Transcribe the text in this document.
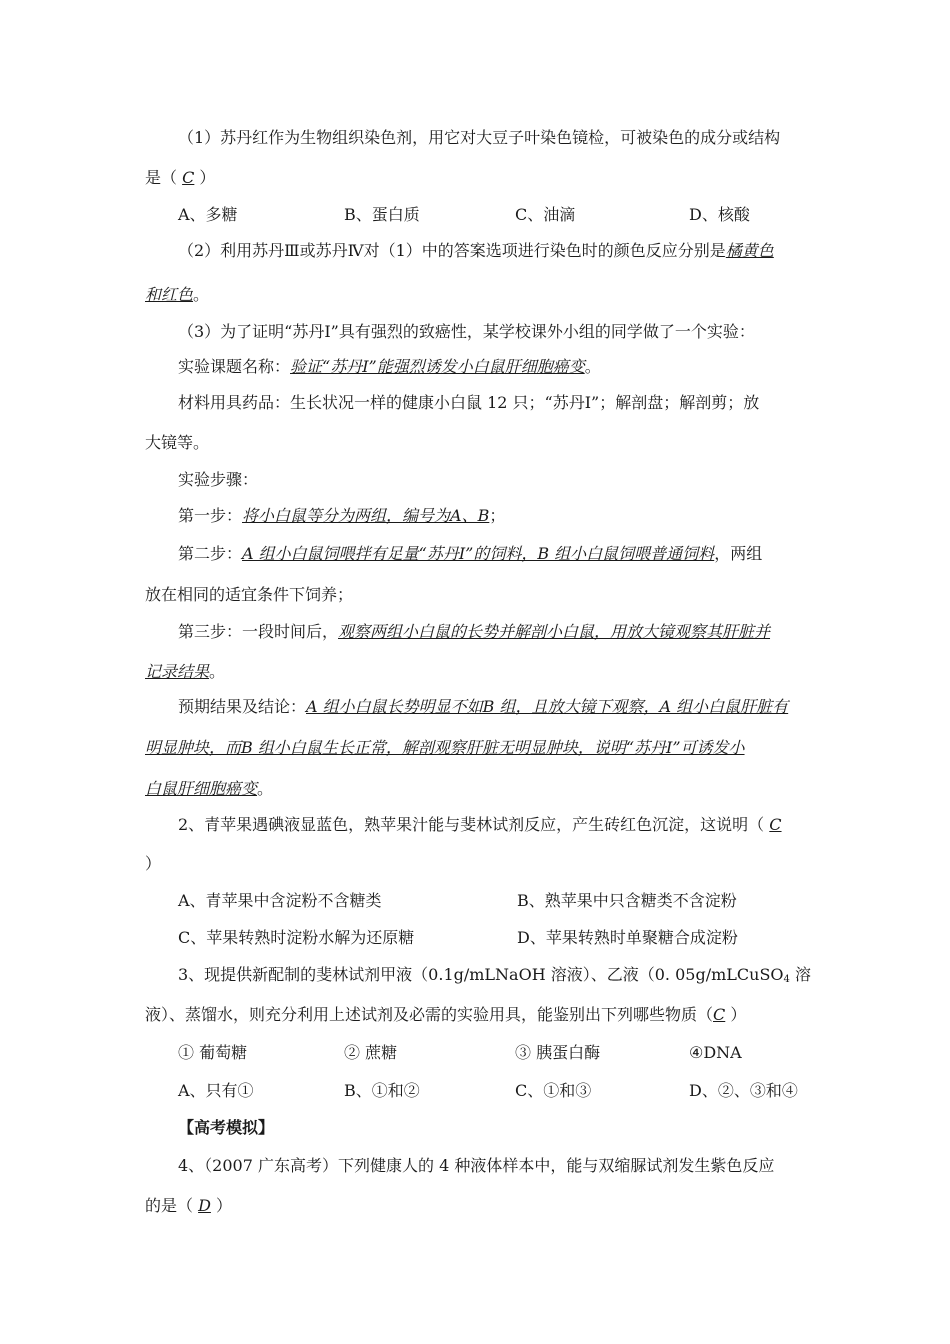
（1）苏丹红作为生物组织染色剂，用它对大豆子叶染色镜检，可被染色的成分或结构
是（ C ）
A、多糖	B、蛋白质	C、油滴	D、核酸
（2）利用苏丹Ⅲ或苏丹Ⅳ对（1）中的答案选项进行染色时的颜色反应分别是橘黄色
和红色。
（3）为了证明“苏丹Ⅰ”具有强烈的致癌性，某学校课外小组的同学做了一个实验：
实验课题名称：验证“苏丹Ⅰ”能强烈诱发小白鼠肝细胞癌变。
材料用具药品：生长状况一样的健康小白鼠 12 只；“苏丹Ⅰ”；解剖盘；解剖剪；放
大镜等。
实验步骤：
第一步：将小白鼠等分为两组，编号为A、B；
第二步：A 组小白鼠饲喂拌有足量“苏丹Ⅰ”的饲料，B 组小白鼠饲喂普通饲料，两组
放在相同的适宜条件下饲养；
第三步：一段时间后，观察两组小白鼠的长势并解剖小白鼠，用放大镜观察其肝脏并
记录结果。
预期结果及结论：A 组小白鼠长势明显不如B 组，且放大镜下观察，A 组小白鼠肝脏有
明显肿块，而B 组小白鼠生长正常，解剖观察肝脏无明显肿块，说明“苏丹Ⅰ”可诱发小
白鼠肝细胞癌变。
2、青苹果遇碘液显蓝色，熟苹果汁能与斐林试剂反应，产生砖红色沉淀，这说明（ C
）
A、青苹果中含淀粉不含糖类	B、熟苹果中只含糖类不含淀粉
C、苹果转熟时淀粉水解为还原糖	D、苹果转熟时单聚糖合成淀粉
3、现提供新配制的斐林试剂甲液（0.1g/mLNaOH 溶液）、乙液（0. 05g/mLCuSO$_4$ 溶
液）、蒸馏水，则充分利用上述试剂及必需的实验用具，能鉴别出下列哪些物质（C ）
① 葡萄糖	② 蔗糖	③ 胰蛋白酶	④DNA
A、只有①	B、①和②	C、①和③	D、②、③和④
【高考模拟】
4、（2007 广东高考）下列健康人的 4 种液体样本中，能与双缩脲试剂发生紫色反应
的是（ D ）
